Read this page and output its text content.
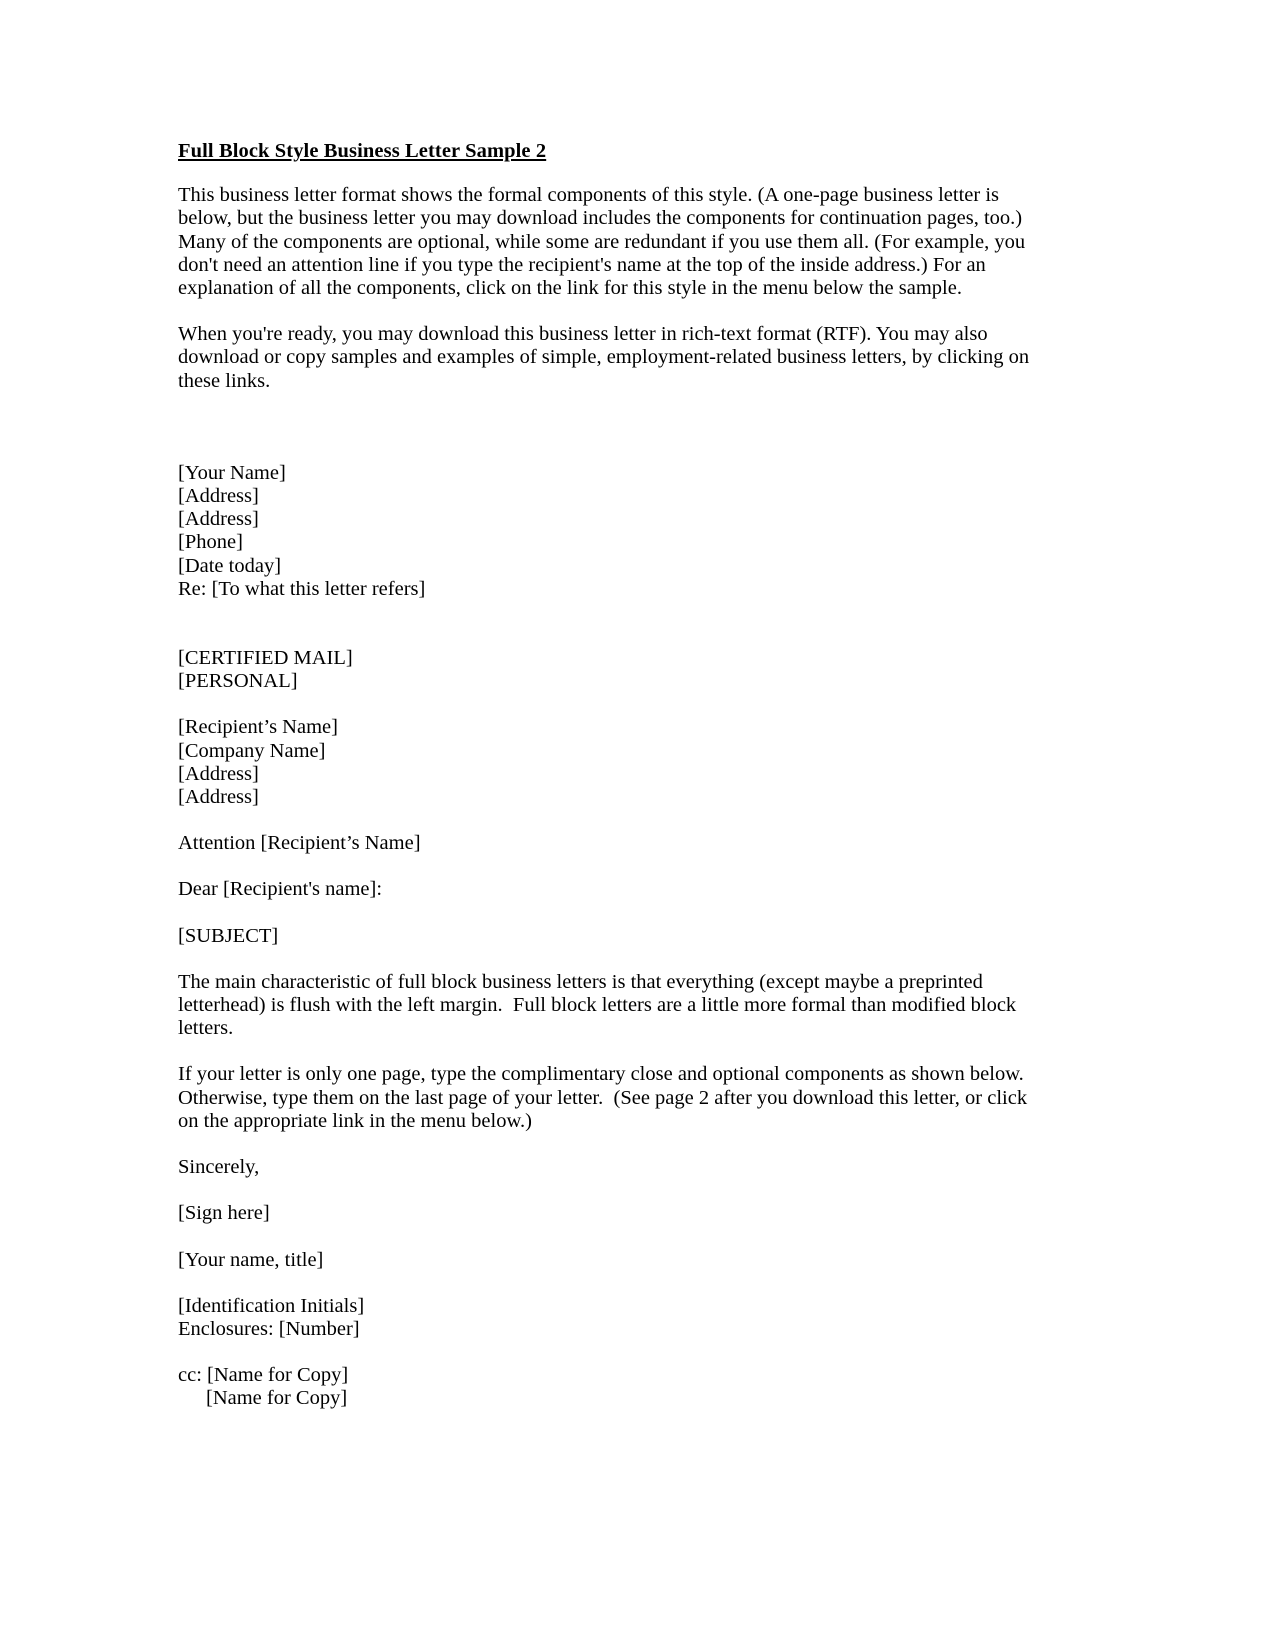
Full Block Style Business Letter Sample 2

This business letter format shows the formal components of this style. (A one-page business letter is below, but the business letter you may download includes the components for continuation pages, too.) Many of the components are optional, while some are redundant if you use them all. (For example, you don't need an attention line if you type the recipient's name at the top of the inside address.) For an explanation of all the components, click on the link for this style in the menu below the sample.

When you're ready, you may download this business letter in rich-text format (RTF). You may also download or copy samples and examples of simple, employment-related business letters, by clicking on these links.

[Your Name]
[Address]
[Address]
[Phone]
[Date today]
Re: [To what this letter refers]
[CERTIFIED MAIL]
[PERSONAL]
[Recipient’s Name]
[Company Name]
[Address]
[Address]
Attention [Recipient’s Name]
Dear [Recipient's name]:
[SUBJECT]

The main characteristic of full block business letters is that everything (except maybe a preprinted letterhead) is flush with the left margin.  Full block letters are a little more formal than modified block letters.

If your letter is only one page, type the complimentary close and optional components as shown below. Otherwise, type them on the last page of your letter.  (See page 2 after you download this letter, or click on the appropriate link in the menu below.)

Sincerely,
[Sign here]
[Your name, title]
[Identification Initials]
Enclosures: [Number]
cc: [Name for Copy]
[Name for Copy]
